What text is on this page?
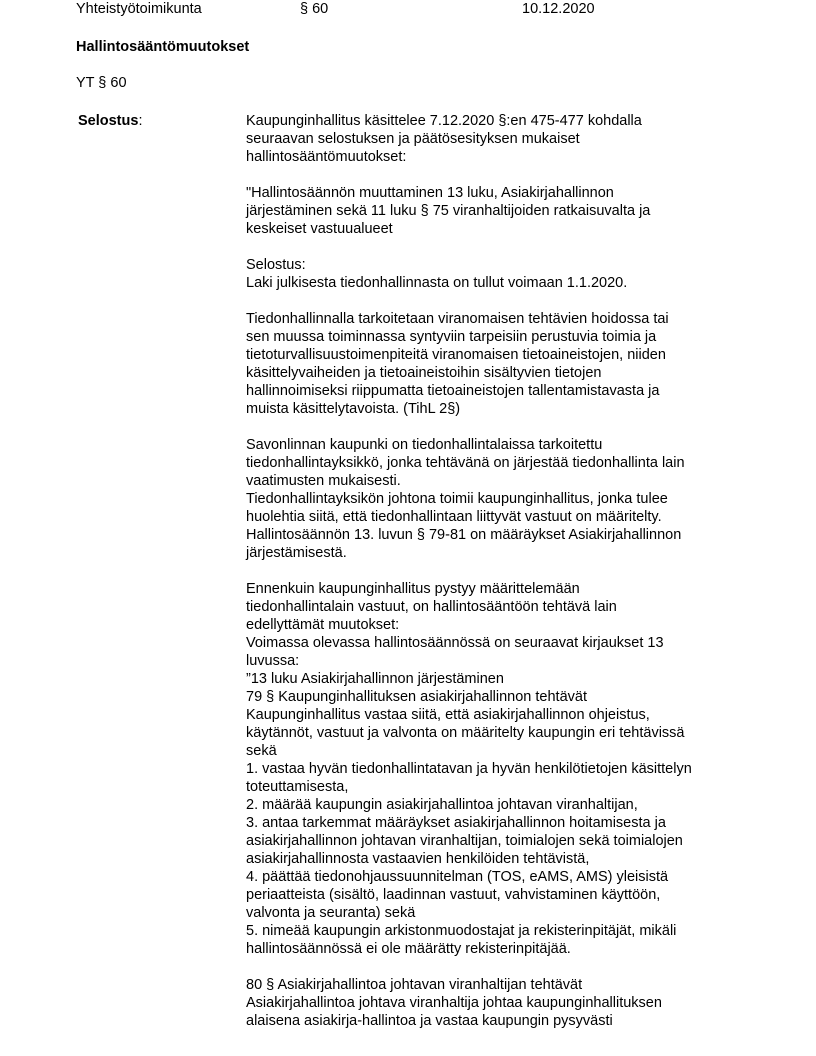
Yhteistyötoimikunta	§ 60	10.12.2020
Hallintosääntömuutokset
YT § 60
Selostus:	Kaupunginhallitus käsittelee 7.12.2020 §:en 475-477 kohdalla
seuraavan selostuksen ja päätösesityksen mukaiset
hallintosääntömuutokset:
"Hallintosäännön muuttaminen 13 luku, Asiakirjahallinnon
järjestäminen sekä 11 luku § 75 viranhaltijoiden ratkaisuvalta ja
keskeiset vastuualueet
Selostus:
Laki julkisesta tiedonhallinnasta on tullut voimaan 1.1.2020.
Tiedonhallinnalla tarkoitetaan viranomaisen tehtävien hoidossa tai
sen muussa toiminnassa syntyviin tarpeisiin perustuvia toimia ja
tietoturvallisuustoimenpiteitä viranomaisen tietoaineistojen, niiden
käsittelyvaiheiden ja tietoaineistoihin sisältyvien tietojen
hallinnoimiseksi riippumatta tietoaineistojen tallentamistavasta ja
muista käsittelytavoista. (TihL 2§)
Savonlinnan kaupunki on tiedonhallintalaissa tarkoitettu
tiedonhallintayksikkö, jonka tehtävänä on järjestää tiedonhallinta lain
vaatimusten mukaisesti.
Tiedonhallintayksikön johtona toimii kaupunginhallitus, jonka tulee
huolehtia siitä, että tiedonhallintaan liittyvät vastuut on määritelty.
Hallintosäännön 13. luvun § 79-81 on määräykset Asiakirjahallinnon
järjestämisestä.
Ennenkuin kaupunginhallitus pystyy määrittelemään
tiedonhallintalain vastuut, on hallintosääntöön tehtävä lain
edellyttämät muutokset:
Voimassa olevassa hallintosäännössä on seuraavat kirjaukset 13
luvussa:
”13 luku Asiakirjahallinnon järjestäminen
79 § Kaupunginhallituksen asiakirjahallinnon tehtävät
Kaupunginhallitus vastaa siitä, että asiakirjahallinnon ohjeistus,
käytännöt, vastuut ja valvonta on määritelty kaupungin eri tehtävissä
sekä
1. vastaa hyvän tiedonhallintatavan ja hyvän henkilötietojen käsittelyn
toteuttamisesta,
2. määrää kaupungin asiakirjahallintoa johtavan viranhaltijan,
3. antaa tarkemmat määräykset asiakirjahallinnon hoitamisesta ja
asiakirjahallinnon johtavan viranhaltijan, toimialojen sekä toimialojen
asiakirjahallinnosta vastaavien henkilöiden tehtävistä,
4. päättää tiedonohjaussuunnitelman (TOS, eAMS, AMS) yleisistä
periaatteista (sisältö, laadinnan vastuut, vahvistaminen käyttöön,
valvonta ja seuranta) sekä
5. nimeää kaupungin arkistonmuodostajat ja rekisterinpitäjät, mikäli
hallintosäännössä ei ole määrätty rekisterinpitäjää.
80 § Asiakirjahallintoa johtavan viranhaltijan tehtävät
Asiakirjahallintoa johtava viranhaltija johtaa kaupunginhallituksen
alaisena asiakirja-hallintoa ja vastaa kaupungin pysyvästi
